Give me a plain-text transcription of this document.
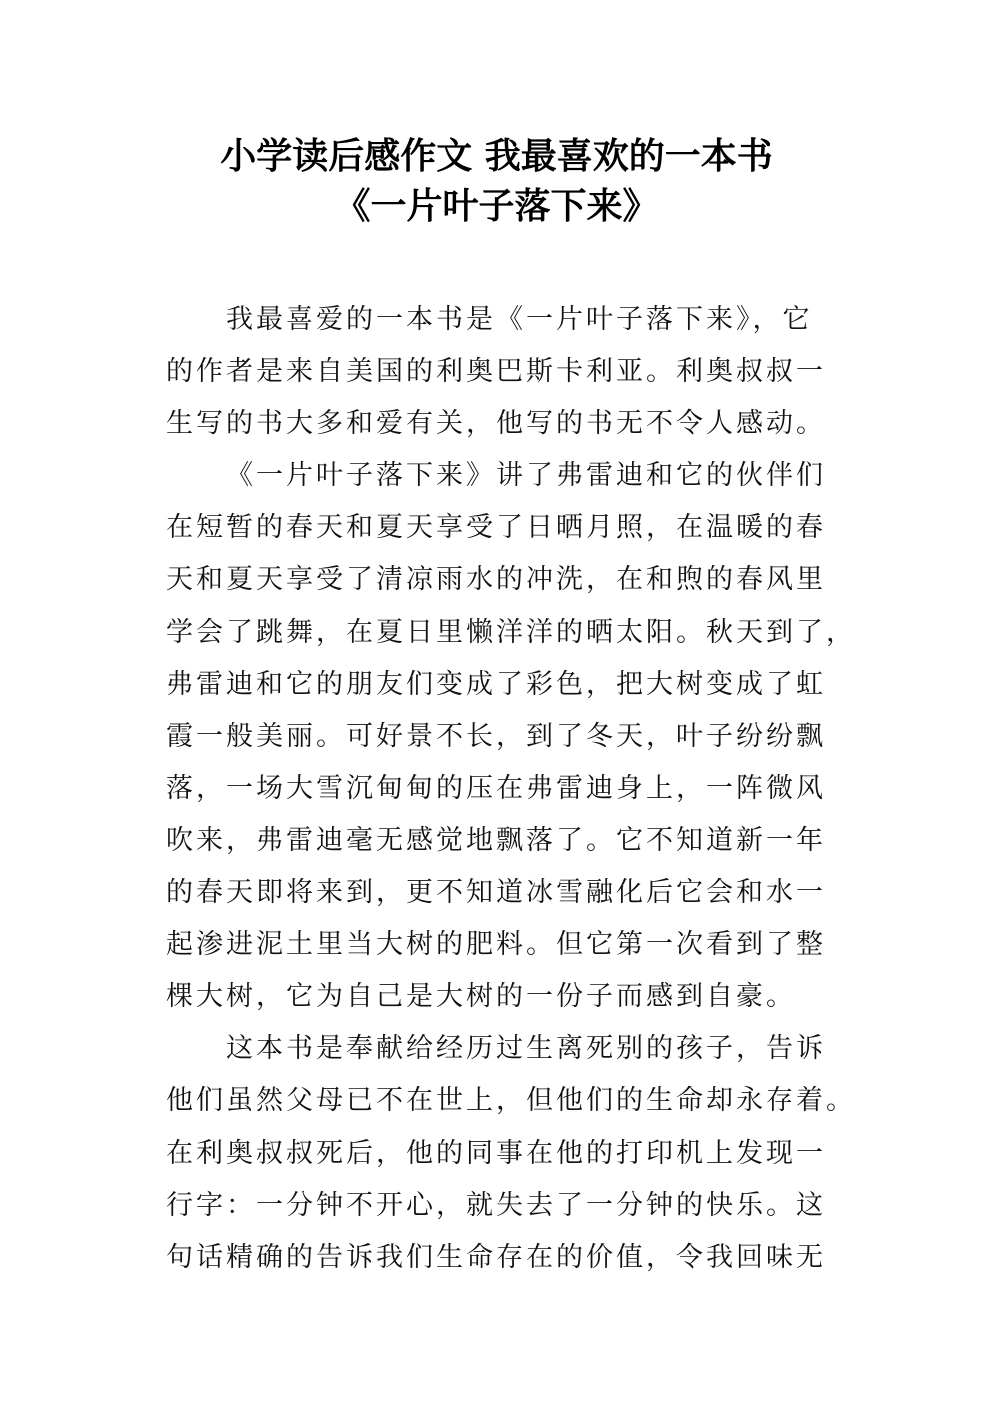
小学读后感作文 我最喜欢的一本书
《一片叶子落下来》
我最喜爱的一本书是《一片叶子落下来》，它
的作者是来自美国的利奥巴斯卡利亚。利奥叔叔一
生写的书大多和爱有关，他写的书无不令人感动。
《一片叶子落下来》讲了弗雷迪和它的伙伴们
在短暂的春天和夏天享受了日晒月照，在温暖的春
天和夏天享受了清凉雨水的冲洗，在和煦的春风里
学会了跳舞，在夏日里懒洋洋的晒太阳。秋天到了，
弗雷迪和它的朋友们变成了彩色，把大树变成了虹
霞一般美丽。可好景不长，到了冬天，叶子纷纷飘
落，一场大雪沉甸甸的压在弗雷迪身上，一阵微风
吹来，弗雷迪毫无感觉地飘落了。它不知道新一年
的春天即将来到，更不知道冰雪融化后它会和水一
起渗进泥土里当大树的肥料。但它第一次看到了整
棵大树，它为自己是大树的一份子而感到自豪。
这本书是奉献给经历过生离死别的孩子，告诉
他们虽然父母已不在世上，但他们的生命却永存着。
在利奥叔叔死后，他的同事在他的打印机上发现一
行字：一分钟不开心，就失去了一分钟的快乐。这
句话精确的告诉我们生命存在的价值，令我回味无
